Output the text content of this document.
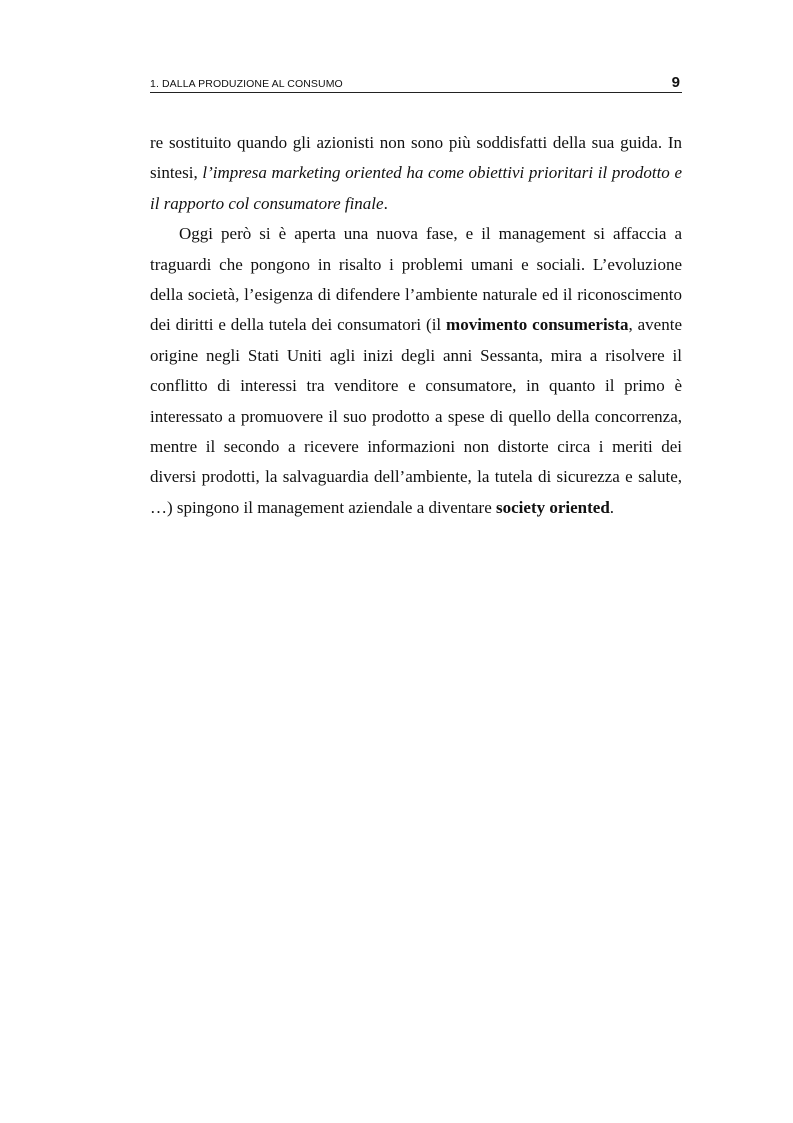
1. DALLA PRODUZIONE AL CONSUMO	9

re sostituito quando gli azionisti non sono più soddisfatti della sua guida. In sintesi, l’impresa marketing oriented ha come obiettivi prioritari il prodotto e il rapporto col consumatore finale.

Oggi però si è aperta una nuova fase, e il management si affaccia a traguardi che pongono in risalto i problemi umani e sociali. L’evoluzione della società, l’esigenza di difendere l’ambiente naturale ed il riconoscimento dei diritti e della tutela dei consumatori (il movimento consumerista, avente origine negli Stati Uniti agli inizi degli anni Sessanta, mira a risolvere il conflitto di interessi tra venditore e consumatore, in quanto il primo è interessato a promuovere il suo prodotto a spese di quello della concorrenza, mentre il secondo a ricevere informazioni non distorte circa i meriti dei diversi prodotti, la salvaguardia dell’ambiente, la tutela di sicurezza e salute, …) spingono il management aziendale a diventare society oriented.
